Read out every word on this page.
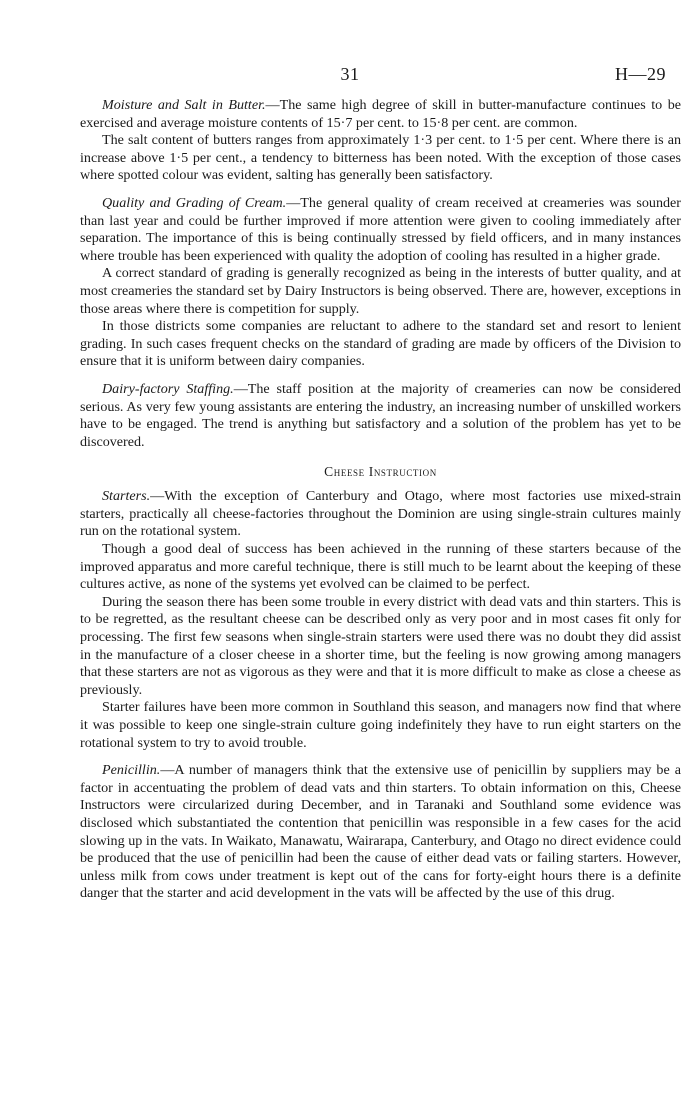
31	H—29

Moisture and Salt in Butter.—The same high degree of skill in butter-manufacture continues to be exercised and average moisture contents of 15·7 per cent. to 15·8 per cent. are common.

The salt content of butters ranges from approximately 1·3 per cent. to 1·5 per cent. Where there is an increase above 1·5 per cent., a tendency to bitterness has been noted. With the exception of those cases where spotted colour was evident, salting has generally been satisfactory.

Quality and Grading of Cream.—The general quality of cream received at creameries was sounder than last year and could be further improved if more attention were given to cooling immediately after separation. The importance of this is being continually stressed by field officers, and in many instances where trouble has been experienced with quality the adoption of cooling has resulted in a higher grade.

A correct standard of grading is generally recognized as being in the interests of butter quality, and at most creameries the standard set by Dairy Instructors is being observed. There are, however, exceptions in those areas where there is competition for supply.

In those districts some companies are reluctant to adhere to the standard set and resort to lenient grading. In such cases frequent checks on the standard of grading are made by officers of the Division to ensure that it is uniform between dairy companies.

Dairy-factory Staffing.—The staff position at the majority of creameries can now be considered serious. As very few young assistants are entering the industry, an increasing number of unskilled workers have to be engaged. The trend is anything but satisfactory and a solution of the problem has yet to be discovered.

Cheese Instruction

Starters.—With the exception of Canterbury and Otago, where most factories use mixed-strain starters, practically all cheese-factories throughout the Dominion are using single-strain cultures mainly run on the rotational system.

Though a good deal of success has been achieved in the running of these starters because of the improved apparatus and more careful technique, there is still much to be learnt about the keeping of these cultures active, as none of the systems yet evolved can be claimed to be perfect.

During the season there has been some trouble in every district with dead vats and thin starters. This is to be regretted, as the resultant cheese can be described only as very poor and in most cases fit only for processing. The first few seasons when single-strain starters were used there was no doubt they did assist in the manufacture of a closer cheese in a shorter time, but the feeling is now growing among managers that these starters are not as vigorous as they were and that it is more difficult to make as close a cheese as previously.

Starter failures have been more common in Southland this season, and managers now find that where it was possible to keep one single-strain culture going indefinitely they have to run eight starters on the rotational system to try to avoid trouble.

Penicillin.—A number of managers think that the extensive use of penicillin by suppliers may be a factor in accentuating the problem of dead vats and thin starters. To obtain information on this, Cheese Instructors were circularized during December, and in Taranaki and Southland some evidence was disclosed which substantiated the contention that penicillin was responsible in a few cases for the acid slowing up in the vats. In Waikato, Manawatu, Wairarapa, Canterbury, and Otago no direct evidence could be produced that the use of penicillin had been the cause of either dead vats or failing starters. However, unless milk from cows under treatment is kept out of the cans for forty-eight hours there is a definite danger that the starter and acid development in the vats will be affected by the use of this drug.
